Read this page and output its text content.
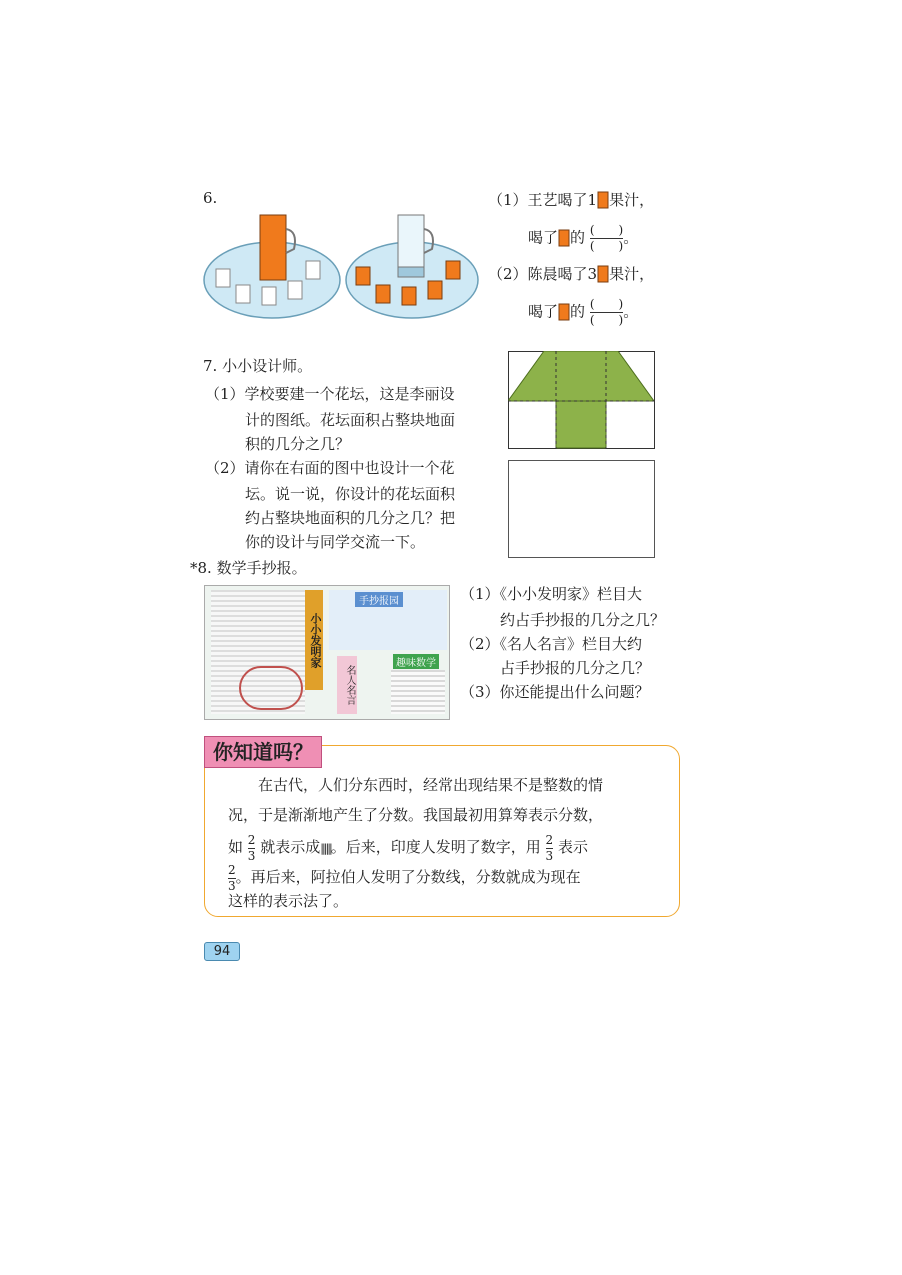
6.	（1）王艺喝了1 果汁，
喝了 的 $\frac{( )}{( )}$。
（2）陈晨喝了3 果汁，
喝了 的 $\frac{( )}{( )}$。
7. 小小设计师。
（1）学校要建一个花坛，这是李丽设
计的图纸。花坛面积占整块地面
积的几分之几？
（2）请你在右面的图中也设计一个花
坛。说一说，你设计的花坛面积
约占整块地面积的几分之几？把
你的设计与同学交流一下。
*8. 数学手抄报。
小小发明家
手抄报园
名人名言
趣味数学
（1）《小小发明家》栏目大
约占手抄报的几分之几？
（2）《名人名言》栏目大约
占手抄报的几分之几？
（3）你还能提出什么问题？
你知道吗？
在古代，人们分东西时，经常出现结果不是整数的情
况，于是渐渐地产生了分数。我国最初用算筹表示分数，
如 $\frac{2}{3}$ 就表示成‖‖‖。后来，印度人发明了数字，用 $\frac{2}{3}$ 表示
$\frac{2}{3}$。再后来，阿拉伯人发明了分数线，分数就成为现在
这样的表示法了。
94
